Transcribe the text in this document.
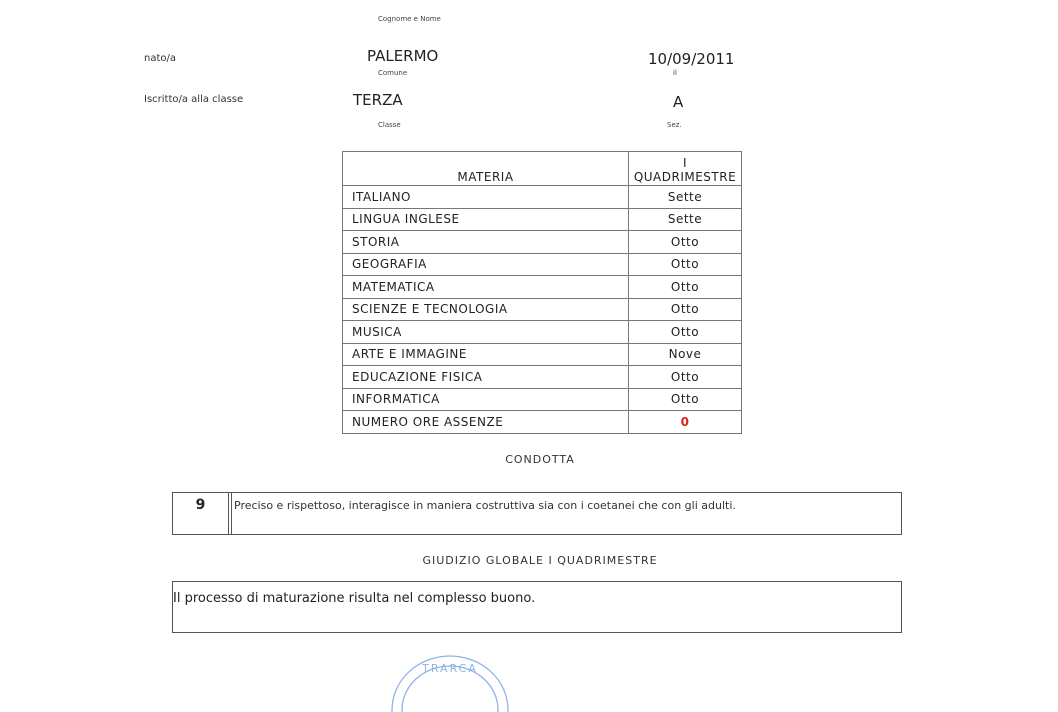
Cognome e Nome
nato/a	PALERMO
Comune
10/09/2011
il
Iscritto/a alla classe	TERZA
Classe
A
Sez.
MATERIA	I
QUADRIMESTRE
ITALIANO	Sette
LINGUA INGLESE	Sette
STORIA	Otto
GEOGRAFIA	Otto
MATEMATICA	Otto
SCIENZE E TECNOLOGIA	Otto
MUSICA	Otto
ARTE E IMMAGINE	Nove
EDUCAZIONE FISICA	Otto
INFORMATICA	Otto
NUMERO ORE ASSENZE	0
CONDOTTA
9	Preciso e rispettoso, interagisce in maniera costruttiva sia con i coetanei che con gli adulti.
GIUDIZIO GLOBALE I QUADRIMESTRE
Il processo di maturazione risulta nel complesso buono.
TRARCA
